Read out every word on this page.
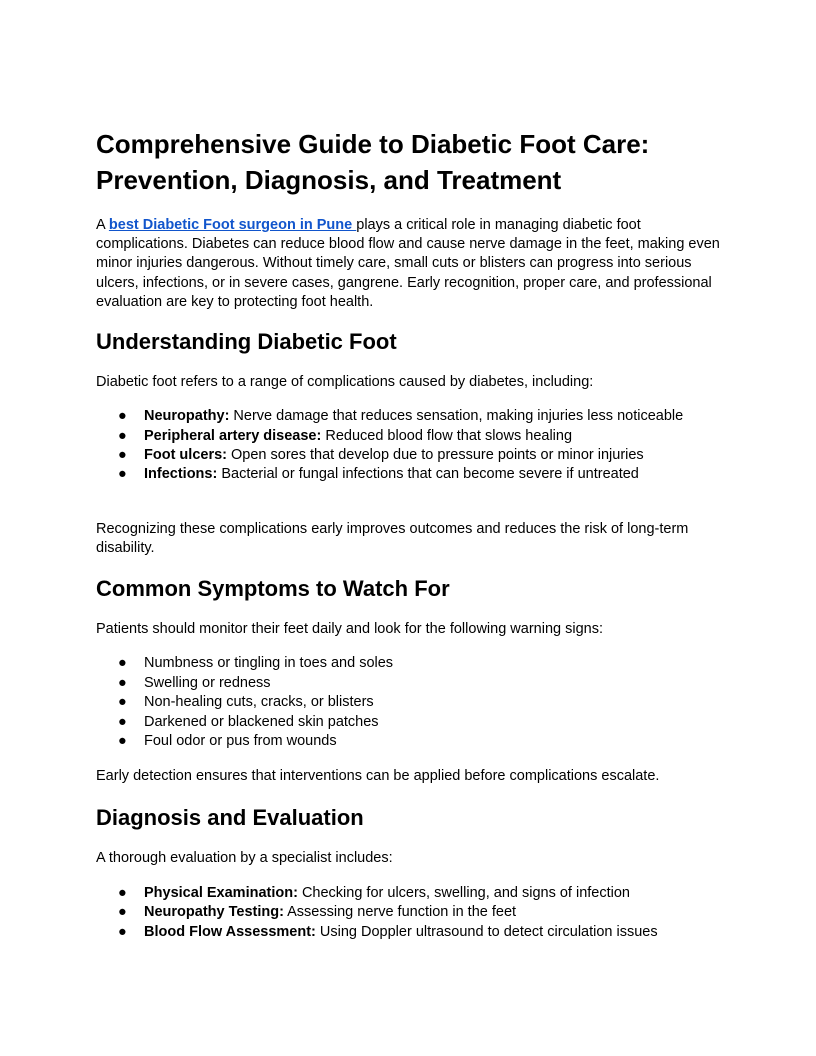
Comprehensive Guide to Diabetic Foot Care: Prevention, Diagnosis, and Treatment

A best Diabetic Foot surgeon in Pune plays a critical role in managing diabetic foot complications. Diabetes can reduce blood flow and cause nerve damage in the feet, making even minor injuries dangerous. Without timely care, small cuts or blisters can progress into serious ulcers, infections, or in severe cases, gangrene. Early recognition, proper care, and professional evaluation are key to protecting foot health.

Understanding Diabetic Foot

Diabetic foot refers to a range of complications caused by diabetes, including:

● Neuropathy: Nerve damage that reduces sensation, making injuries less noticeable
● Peripheral artery disease: Reduced blood flow that slows healing
● Foot ulcers: Open sores that develop due to pressure points or minor injuries
● Infections: Bacterial or fungal infections that can become severe if untreated

Recognizing these complications early improves outcomes and reduces the risk of long-term disability.

Common Symptoms to Watch For

Patients should monitor their feet daily and look for the following warning signs:

● Numbness or tingling in toes and soles
● Swelling or redness
● Non-healing cuts, cracks, or blisters
● Darkened or blackened skin patches
● Foul odor or pus from wounds

Early detection ensures that interventions can be applied before complications escalate.

Diagnosis and Evaluation

A thorough evaluation by a specialist includes:

● Physical Examination: Checking for ulcers, swelling, and signs of infection
● Neuropathy Testing: Assessing nerve function in the feet
● Blood Flow Assessment: Using Doppler ultrasound to detect circulation issues
